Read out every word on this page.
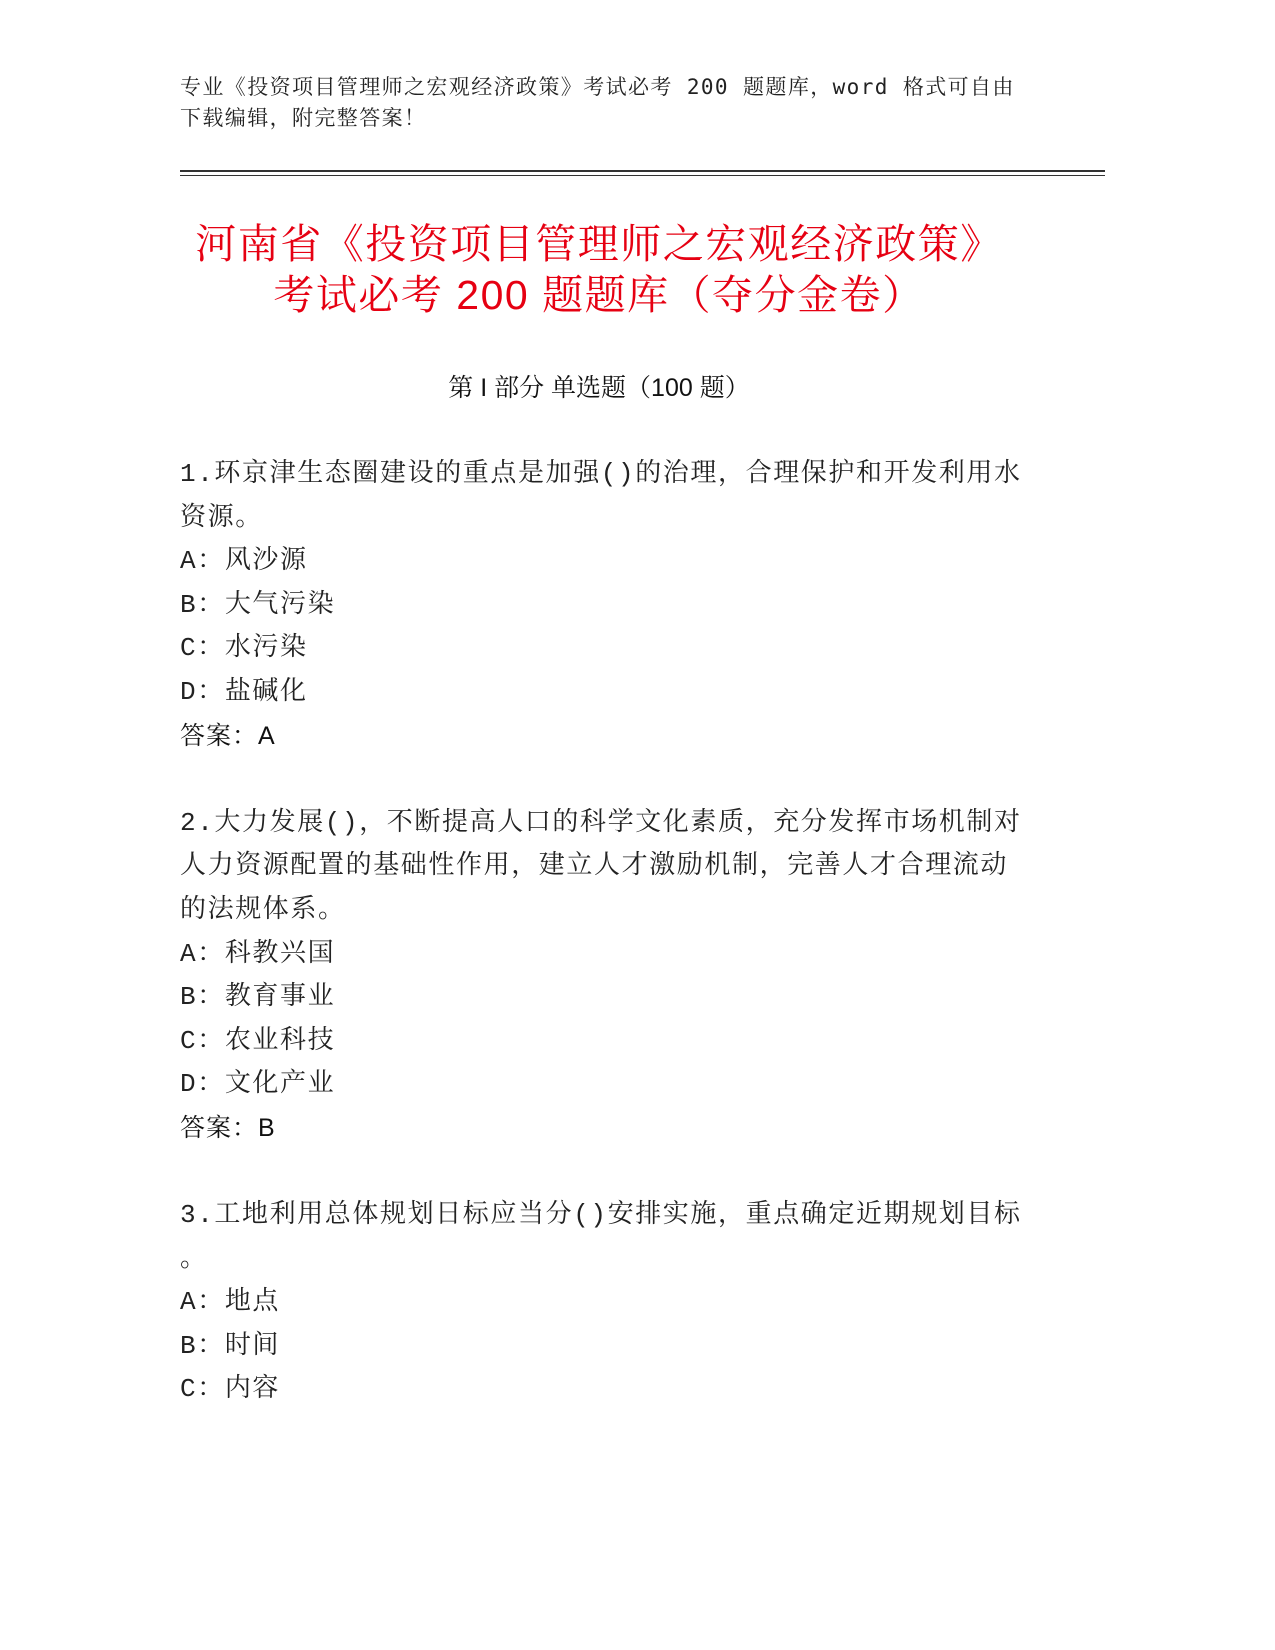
专业《投资项目管理师之宏观经济政策》考试必考 200 题题库，word 格式可自由
下载编辑，附完整答案！
河南省《投资项目管理师之宏观经济政策》
考试必考 200 题题库（夺分金卷）
第 I 部分 单选题（100 题）
1.环京津生态圈建设的重点是加强()的治理，合理保护和开发利用水
资源。
A：风沙源
B：大气污染
C：水污染
D：盐碱化
答案：A
2.大力发展()，不断提高人口的科学文化素质，充分发挥市场机制对
人力资源配置的基础性作用，建立人才激励机制，完善人才合理流动
的法规体系。
A：科教兴国
B：教育事业
C：农业科技
D：文化产业
答案：B
3.工地利用总体规划日标应当分()安排实施，重点确定近期规划目标
。
A：地点
B：时间
C：内容
